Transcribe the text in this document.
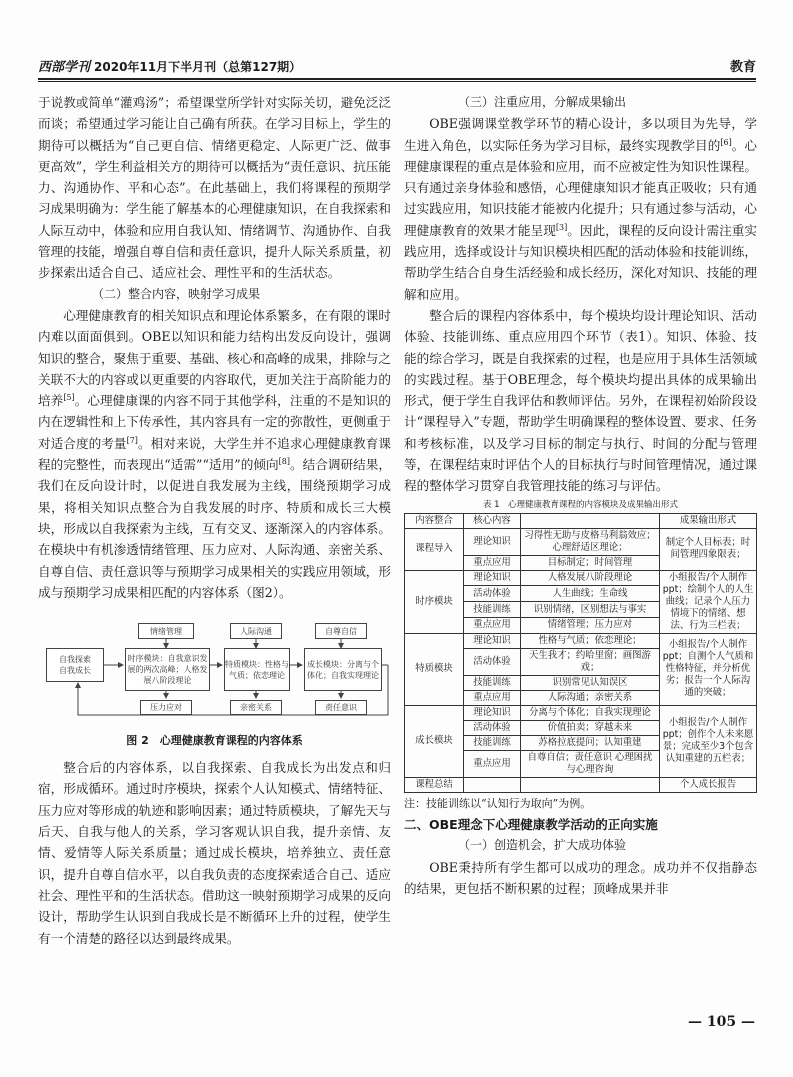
西部学刊 2020年11月下半月刊（总第127期）	教育

于说教或简单“灌鸡汤”；希望课堂所学针对实际关切，避免泛泛而谈；希望通过学习能让自己确有所获。在学习目标上，学生的期待可以概括为“自己更自信、情绪更稳定、人际更广泛、做事更高效”，学生利益相关方的期待可以概括为“责任意识、抗压能力、沟通协作、平和心态”。在此基础上，我们将课程的预期学习成果明确为：学生能了解基本的心理健康知识，在自我探索和人际互动中，体验和应用自我认知、情绪调节、沟通协作、自我管理的技能，增强自尊自信和责任意识，提升人际关系质量，初步探索出适合自己、适应社会、理性平和的生活状态。

（二）整合内容，映射学习成果

心理健康教育的相关知识点和理论体系繁多，在有限的课时内难以面面俱到。OBE以知识和能力结构出发反向设计，强调知识的整合，聚焦于重要、基础、核心和高峰的成果，排除与之关联不大的内容或以更重要的内容取代，更加关注于高阶能力的培养[5]。心理健康课的内容不同于其他学科，注重的不是知识的内在逻辑性和上下传承性，其内容具有一定的弥散性，更侧重于对适合度的考量[7]。相对来说，大学生并不追求心理健康教育课程的完整性，而表现出“适需”“适用”的倾向[8]。结合调研结果，我们在反向设计时，以促进自我发展为主线，围绕预期学习成果，将相关知识点整合为自我发展的时序、特质和成长三大模块，形成以自我探索为主线，互有交叉、逐渐深入的内容体系。在模块中有机渗透情绪管理、压力应对、人际沟通、亲密关系、自尊自信、责任意识等与预期学习成果相关的实践应用领域，形成与预期学习成果相匹配的内容体系（图2）。

自我探索
自我成长
时序模块：自我意识发展的两次高峰；人格发展八阶段理论
特质模块：性格与气质；依恋理论
成长模块：分离与个体化；自我实现理论
情绪管理	人际沟通	自尊自信
压力应对	亲密关系	责任意识
图 2　心理健康教育课程的内容体系

整合后的内容体系，以自我探索、自我成长为出发点和归宿，形成循环。通过时序模块，探索个人认知模式、情绪特征、压力应对等形成的轨迹和影响因素；通过特质模块，了解先天与后天、自我与他人的关系，学习客观认识自我，提升亲情、友情、爱情等人际关系质量；通过成长模块，培养独立、责任意识，提升自尊自信水平，以自我负责的态度探索适合自己、适应社会、理性平和的生活状态。借助这一映射预期学习成果的反向设计，帮助学生认识到自我成长是不断循环上升的过程，使学生有一个清楚的路径以达到最终成果。

（三）注重应用，分解成果输出

OBE强调课堂教学环节的精心设计，多以项目为先导，学生进入角色，以实际任务为学习目标，最终实现教学目的[6]。心理健康课程的重点是体验和应用，而不应被定性为知识性课程。只有通过亲身体验和感悟，心理健康知识才能真正吸收；只有通过实践应用，知识技能才能被内化提升；只有通过参与活动，心理健康教育的效果才能呈现[3]。因此，课程的反向设计需注重实践应用，选择或设计与知识模块相匹配的活动体验和技能训练，帮助学生结合自身生活经验和成长经历，深化对知识、技能的理解和应用。

整合后的课程内容体系中，每个模块均设计理论知识、活动体验、技能训练、重点应用四个环节（表1）。知识、体验、技能的综合学习，既是自我探索的过程，也是应用于具体生活领域的实践过程。基于OBE理念，每个模块均提出具体的成果输出形式，便于学生自我评估和教师评估。另外，在课程初始阶段设计“课程导入”专题，帮助学生明确课程的整体设置、要求、任务和考核标准，以及学习目标的制定与执行、时间的分配与管理等，在课程结束时评估个人的目标执行与时间管理情况，通过课程的整体学习贯穿自我管理技能的练习与评估。

表 1　心理健康教育课程的内容模块及成果输出形式
内容整合	核心内容		成果输出形式
课程导入	理论知识	习得性无助与皮格马利翁效应；心理舒适区理论；	制定个人目标表；时间管理四象限表；
	重点应用	目标制定；时间管理	
时序模块	理论知识	人格发展八阶段理论	小组报告/个人制作ppt；绘制个人的人生曲线；记录个人压力情境下的情绪、想法、行为三栏表；
	活动体验	人生曲线；生命线	
	技能训练	识别情绪，区别想法与事实	
	重点应用	情绪管理；压力应对	
特质模块	理论知识	性格与气质；依恋理论；	小组报告/个人制作ppt；自测个人气质和性格特征，并分析优劣；报告一个人际沟通的突破；
	活动体验	天生我才；约哈里窗；画图游戏；	
	技能训练	识别常见认知误区	
	重点应用	人际沟通；亲密关系	
成长模块	理论知识	分离与个体化；自我实现理论	小组报告/个人制作ppt；创作个人未来愿景；完成至少3个包含认知重建的五栏表；
	活动体验	价值拍卖；穿越未来	
	技能训练	苏格拉底提问；认知重建	
	重点应用	自尊自信；责任意识 心理困扰与心理咨询	
课程总结			个人成长报告

注：技能训练以“认知行为取向”为例。

二、OBE理念下心理健康教学活动的正向实施

（一）创造机会，扩大成功体验

OBE秉持所有学生都可以成功的理念。成功并不仅指静态的结果，更包括不断积累的过程；顶峰成果并非

— 105 —
